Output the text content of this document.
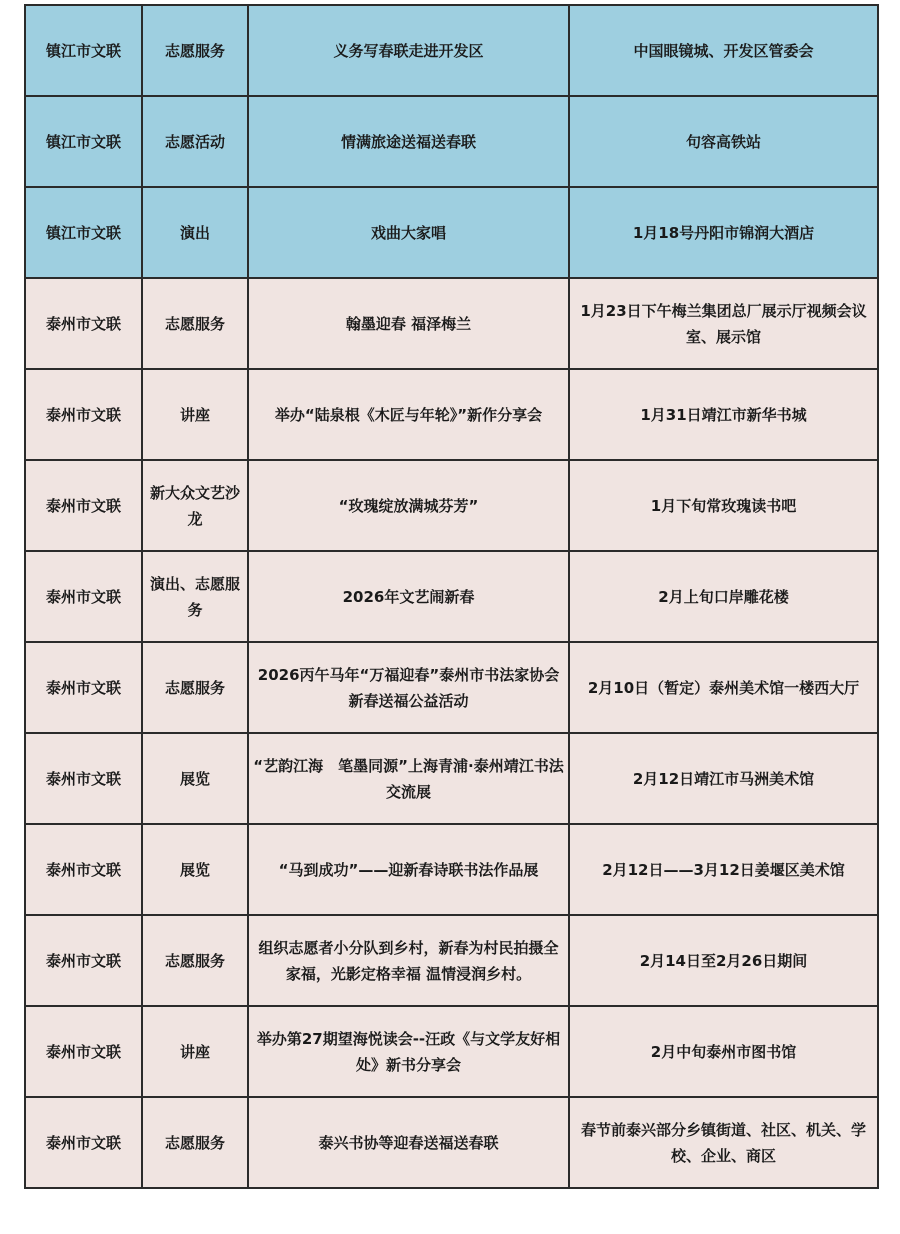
镇江市文联	志愿服务	义务写春联走进开发区	中国眼镜城、开发区管委会
镇江市文联	志愿活动	情满旅途送福送春联	句容高铁站
镇江市文联	演出	戏曲大家唱	1月18号丹阳市锦润大酒店
泰州市文联	志愿服务	翰墨迎春 福泽梅兰	1月23日下午梅兰集团总厂展示厅视频会议室、展示馆
泰州市文联	讲座	举办“陆泉根《木匠与年轮》”新作分享会	1月31日靖江市新华书城
泰州市文联	新大众文艺沙龙	“玫瑰绽放满城芬芳”	1月下旬常玫瑰读书吧
泰州市文联	演出、志愿服务	2026年文艺闹新春	2月上旬口岸雕花楼
泰州市文联	志愿服务	2026丙午马年“万福迎春”泰州市书法家协会新春送福公益活动	2月10日（暂定）泰州美术馆一楼西大厅
泰州市文联	展览	“艺韵江海　笔墨同源”上海青浦·泰州靖江书法交流展	2月12日靖江市马洲美术馆
泰州市文联	展览	“马到成功”——迎新春诗联书法作品展	2月12日——3月12日姜堰区美术馆
泰州市文联	志愿服务	组织志愿者小分队到乡村，新春为村民拍摄全家福，光影定格幸福 温情浸润乡村。	2月14日至2月26日期间
泰州市文联	讲座	举办第27期望海悦读会--汪政《与文学友好相处》新书分享会	2月中旬泰州市图书馆
泰州市文联	志愿服务	泰兴书协等迎春送福送春联	春节前泰兴部分乡镇街道、社区、机关、学校、企业、商区
